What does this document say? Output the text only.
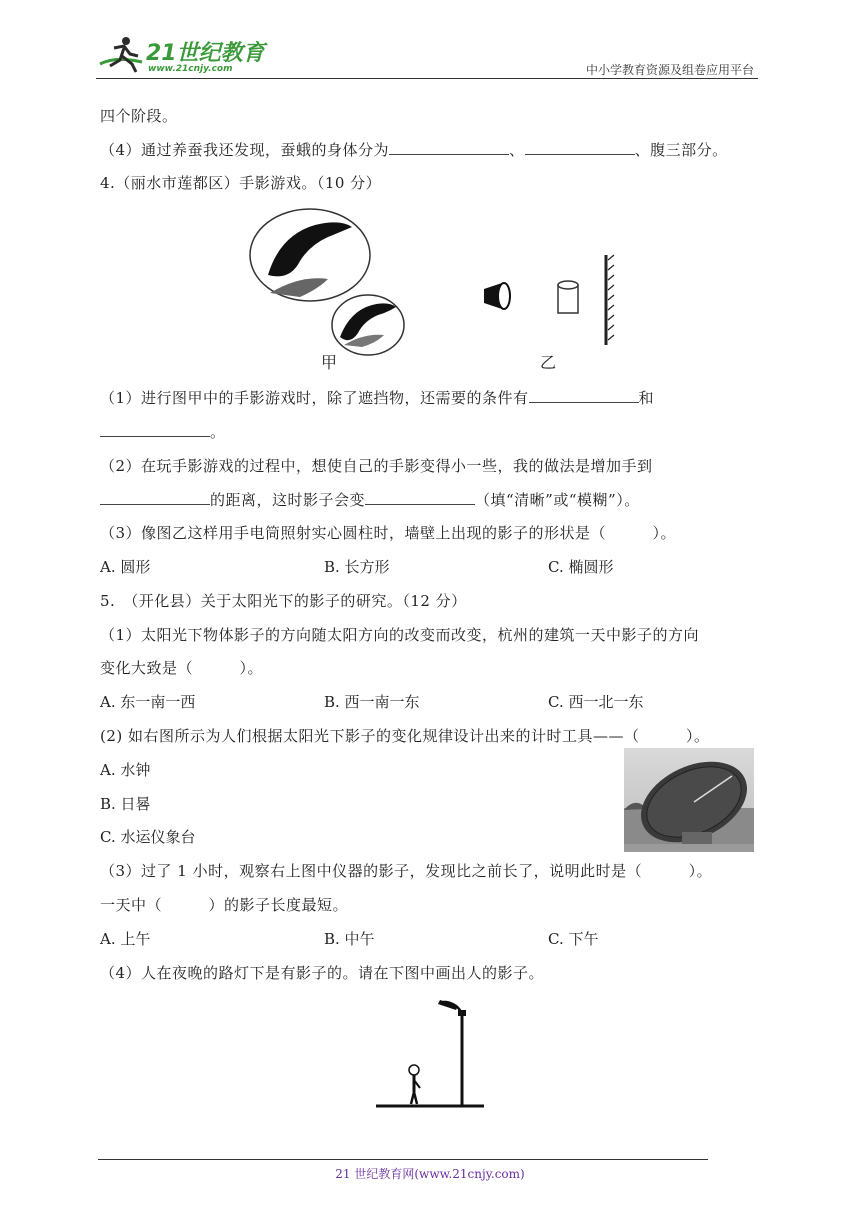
21世纪教育
www.21cnjy.com	中小学教育资源及组卷应用平台
四个阶段。
（4）通过养蚕我还发现，蚕蛾的身体分为	、	、腹三部分。
4.（丽水市莲都区）手影游戏。（10 分）
甲	乙
（1）进行图甲中的手影游戏时，除了遮挡物，还需要的条件有	和
。
（2）在玩手影游戏的过程中，想使自己的手影变得小一些，我的做法是增加手到
的距离，这时影子会变	（填“清晰”或“模糊”）。
（3）像图乙这样用手电筒照射实心圆柱时，墙壁上出现的影子的形状是（　　　）。
A. 圆形	B. 长方形	C. 椭圆形
5.　（开化县）关于太阳光下的影子的研究。（12 分）
（1）太阳光下物体影子的方向随太阳方向的改变而改变，杭州的建筑一天中影子的方向
变化大致是（　　　）。
A. 东一南一西	B. 西一南一东	C. 西一北一东
(2) 如右图所示为人们根据太阳光下影子的变化规律设计出来的计时工具——（　　　）。
A. 水钟
B. 日晷
C. 水运仪象台
（3）过了 1 小时，观察右上图中仪器的影子，发现比之前长了，说明此时是（　　　）。
一天中（　　　）的影子长度最短。
A. 上午	B. 中午	C. 下午
（4）人在夜晚的路灯下是有影子的。请在下图中画出人的影子。
21 世纪教育网(www.21cnjy.com)
